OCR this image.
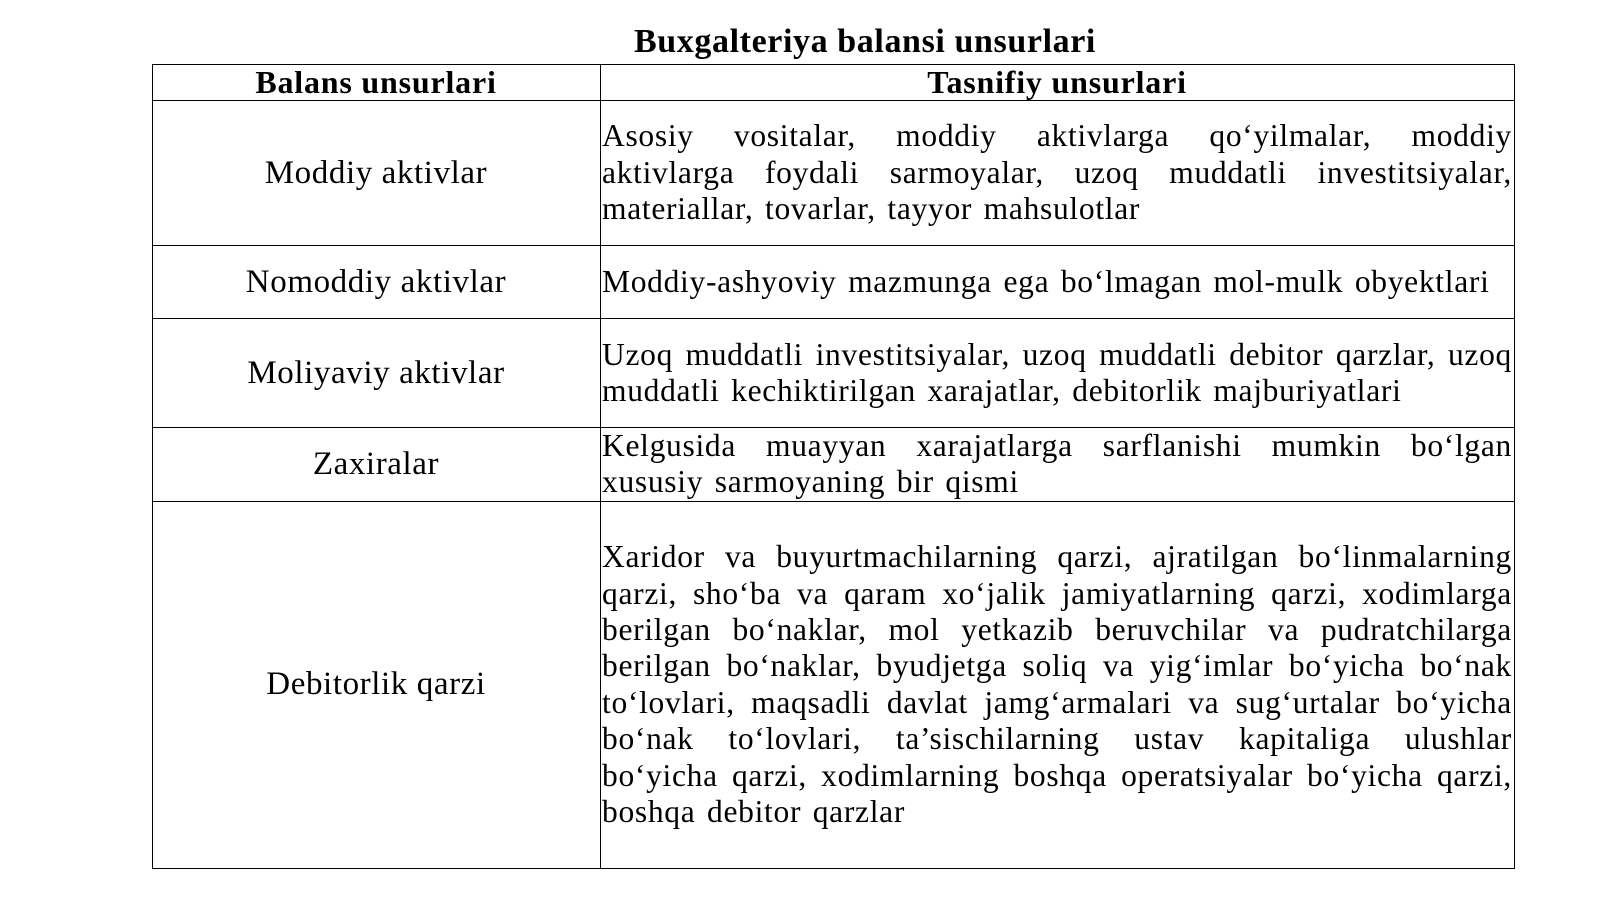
Buxgalteriya balansi unsurlari
Balans unsurlari	Tasnifiy unsurlari
Moddiy aktivlar	Asosiy vositalar, moddiy aktivlarga qo‘yilmalar, moddiy aktivlarga foydali sarmoyalar, uzoq muddatli investitsiyalar, materiallar, tovarlar, tayyor mahsulotlar
Nomoddiy aktivlar	Moddiy-ashyoviy mazmunga ega bo‘lmagan mol-mulk obyektlari
Moliyaviy aktivlar	Uzoq muddatli investitsiyalar, uzoq muddatli debitor qarzlar, uzoq muddatli kechiktirilgan xarajatlar, debitorlik majburiyatlari
Zaxiralar	Kelgusida muayyan xarajatlarga sarflanishi mumkin bo‘lgan xususiy sarmoyaning bir qismi
Debitorlik qarzi	Xaridor va buyurtmachilarning qarzi, ajratilgan bo‘linmalarning qarzi, sho‘ba va qaram xo‘jalik jamiyatlarning qarzi, xodimlarga berilgan bo‘naklar, mol yetkazib beruvchilar va pudratchilarga berilgan bo‘naklar, byudjetga soliq va yig‘imlar bo‘yicha bo‘nak to‘lovlari, maqsadli davlat jamg‘armalari va sug‘urtalar bo‘yicha bo‘nak to‘lovlari, ta’sischilarning ustav kapitaliga ulushlar bo‘yicha qarzi, xodimlarning boshqa operatsiyalar bo‘yicha qarzi, boshqa debitor qarzlar
